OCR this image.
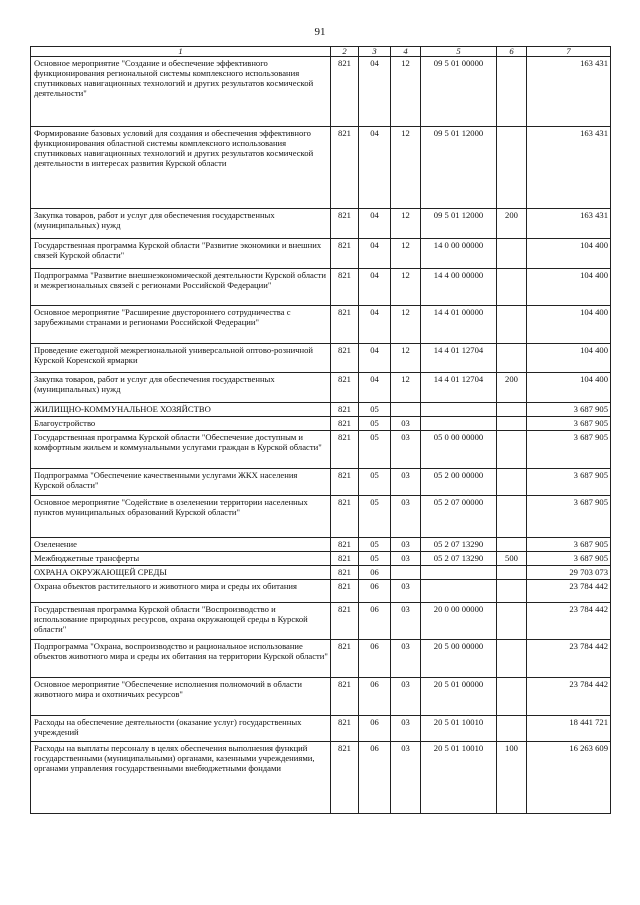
91
1	2	3	4	5	6	7
Основное мероприятие "Создание и обеспечение эффективного функционирования региональной системы комплексного использования спутниковых навигационных технологий и других результатов космической деятельности"	821	04	12	09 5 01 00000		163 431
Формирование базовых условий для создания и обеспечения эффективного функционирования областной системы комплексного использования спутниковых навигационных технологий и других результатов космической деятельности в интересах развития Курской области	821	04	12	09 5 01 12000		163 431
Закупка товаров, работ и услуг для обеспечения государственных (муниципальных) нужд	821	04	12	09 5 01 12000	200	163 431
Государственная программа Курской области "Развитие экономики и внешних связей Курской области"	821	04	12	14 0 00 00000		104 400
Подпрограмма "Развитие внешнеэкономической деятельности Курской области и межрегиональных связей с регионами Российской Федерации"	821	04	12	14 4 00 00000		104 400
Основное мероприятие "Расширение двустороннего сотрудничества с зарубежными странами и регионами Российской Федерации"	821	04	12	14 4 01 00000		104 400
Проведение ежегодной межрегиональной универсальной оптово-розничной Курской Коренской ярмарки	821	04	12	14 4 01 12704		104 400
Закупка товаров, работ и услуг для обеспечения государственных (муниципальных) нужд	821	04	12	14 4 01 12704	200	104 400
ЖИЛИЩНО-КОММУНАЛЬНОЕ ХОЗЯЙСТВО	821	05				3 687 905
Благоустройство	821	05	03			3 687 905
Государственная программа Курской области "Обеспечение доступным и комфортным жильем и коммунальными услугами граждан в Курской области"	821	05	03	05 0 00 00000		3 687 905
Подпрограмма "Обеспечение качественными услугами ЖКХ населения Курской области"	821	05	03	05 2 00 00000		3 687 905
Основное мероприятие "Содействие в озеленении территории населенных пунктов муниципальных образований Курской области"	821	05	03	05 2 07 00000		3 687 905
Озеленение	821	05	03	05 2 07 13290		3 687 905
Межбюджетные трансферты	821	05	03	05 2 07 13290	500	3 687 905
ОХРАНА ОКРУЖАЮЩЕЙ СРЕДЫ	821	06				29 703 073
Охрана объектов растительного и животного мира и среды их обитания	821	06	03			23 784 442
Государственная программа Курской области "Воспроизводство и использование природных ресурсов, охрана окружающей среды в Курской области"	821	06	03	20 0 00 00000		23 784 442
Подпрограмма "Охрана, воспроизводство и рациональное использование объектов животного мира и среды их обитания на территории Курской области"	821	06	03	20 5 00 00000		23 784 442
Основное мероприятие "Обеспечение исполнения полномочий в области животного мира и охотничьих ресурсов"	821	06	03	20 5 01 00000		23 784 442
Расходы на обеспечение деятельности (оказание услуг) государственных учреждений	821	06	03	20 5 01 10010		18 441 721
Расходы на выплаты персоналу в целях обеспечения выполнения функций государственными (муниципальными) органами, казенными учреждениями, органами управления государственными внебюджетными фондами	821	06	03	20 5 01 10010	100	16 263 609
